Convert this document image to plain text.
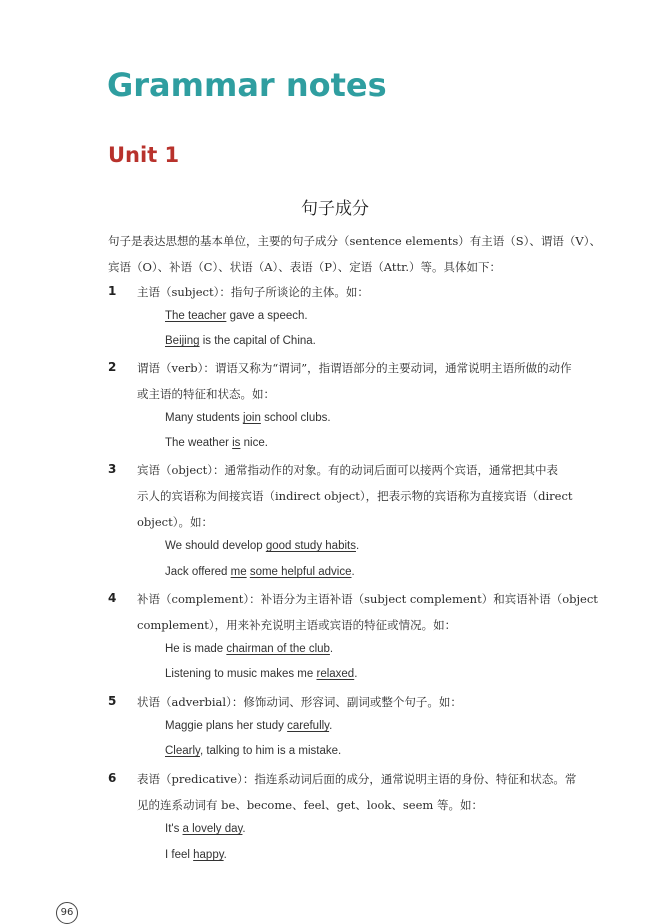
Grammar notes
Unit 1
句子成分
句子是表达思想的基本单位，主要的句子成分（sentence elements）有主语（S）、谓语（V）、
宾语（O）、补语（C）、状语（A）、表语（P）、定语（Attr.）等。具体如下：
1 主语（subject）：指句子所谈论的主体。如：
The teacher gave a speech.
Beijing is the capital of China.
2 谓语（verb）：谓语又称为“谓词”，指谓语部分的主要动词，通常说明主语所做的动作
或主语的特征和状态。如：
Many students join school clubs.
The weather is nice.
3 宾语（object）：通常指动作的对象。有的动词后面可以接两个宾语，通常把其中表
示人的宾语称为间接宾语（indirect object），把表示物的宾语称为直接宾语（direct
object）。如：
We should develop good study habits.
Jack offered me some helpful advice.
4 补语（complement）：补语分为主语补语（subject complement）和宾语补语（object
complement），用来补充说明主语或宾语的特征或情况。如：
He is made chairman of the club.
Listening to music makes me relaxed.
5 状语（adverbial）：修饰动词、形容词、副词或整个句子。如：
Maggie plans her study carefully.
Clearly, talking to him is a mistake.
6 表语（predicative）：指连系动词后面的成分，通常说明主语的身份、特征和状态。常
见的连系动词有 be、become、feel、get、look、seem 等。如：
It's a lovely day.
I feel happy.
96
